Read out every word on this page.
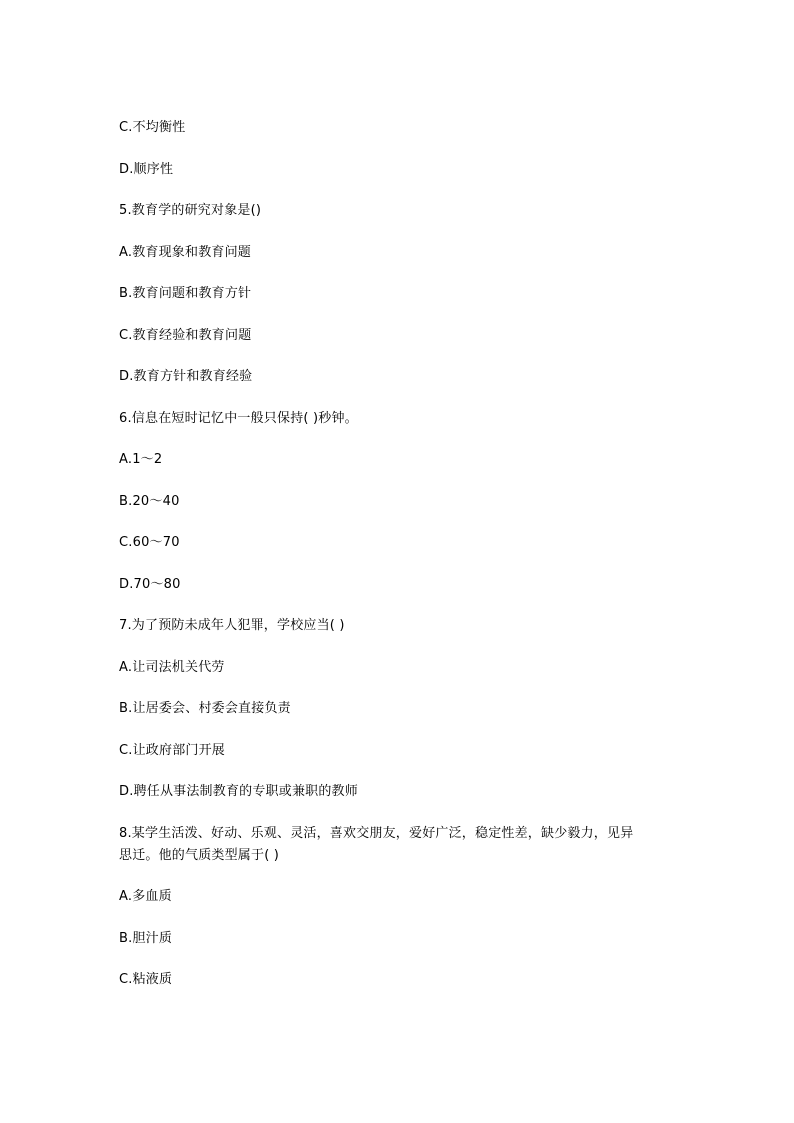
C.不均衡性
D.顺序性
5.教育学的研究对象是()
A.教育现象和教育问题
B.教育问题和教育方针
C.教育经验和教育问题
D.教育方针和教育经验
6.信息在短时记忆中一般只保持( )秒钟。
A.1～2
B.20～40
C.60～70
D.70～80
7.为了预防未成年人犯罪，学校应当( )
A.让司法机关代劳
B.让居委会、村委会直接负责
C.让政府部门开展
D.聘任从事法制教育的专职或兼职的教师
8.某学生活泼、好动、乐观、灵活，喜欢交朋友，爱好广泛，稳定性差，缺少毅力，见异
思迁。他的气质类型属于( )
A.多血质
B.胆汁质
C.粘液质
